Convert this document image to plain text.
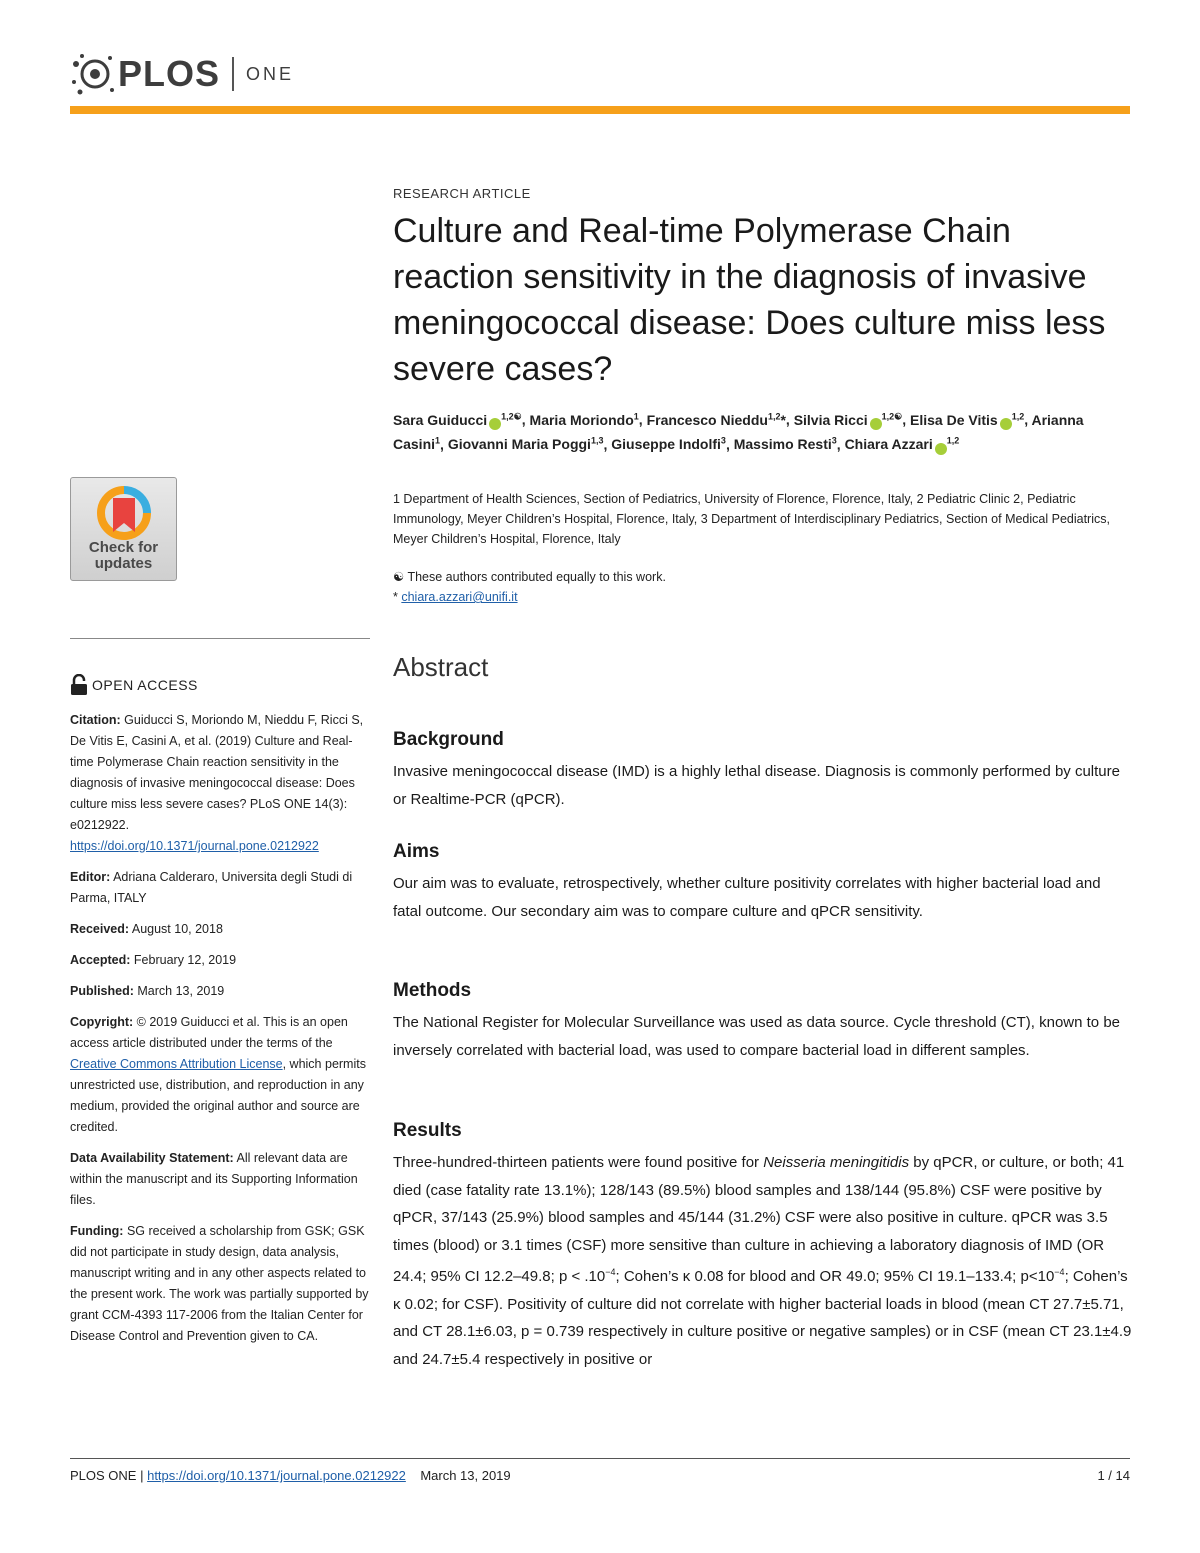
PLOS ONE
Check for updates
OPEN ACCESS

Citation: Guiducci S, Moriondo M, Nieddu F, Ricci S, De Vitis E, Casini A, et al. (2019) Culture and Real-time Polymerase Chain reaction sensitivity in the diagnosis of invasive meningococcal disease: Does culture miss less severe cases? PLoS ONE 14(3): e0212922. https://doi.org/10.1371/journal.pone.0212922

Editor: Adriana Calderaro, Universita degli Studi di Parma, ITALY

Received: August 10, 2018

Accepted: February 12, 2019

Published: March 13, 2019

Copyright: © 2019 Guiducci et al. This is an open access article distributed under the terms of the Creative Commons Attribution License, which permits unrestricted use, distribution, and reproduction in any medium, provided the original author and source are credited.

Data Availability Statement: All relevant data are within the manuscript and its Supporting Information files.

Funding: SG received a scholarship from GSK; GSK did not participate in study design, data analysis, manuscript writing and in any other aspects related to the present work. The work was partially supported by grant CCM-4393 117-2006 from the Italian Center for Disease Control and Prevention given to CA.

RESEARCH ARTICLE
Culture and Real-time Polymerase Chain reaction sensitivity in the diagnosis of invasive meningococcal disease: Does culture miss less severe cases?
Sara Guiducci $^{1,2☯}$, Maria Moriondo$^1$, Francesco Nieddu$^{1,2}$*, Silvia Ricci $^{1,2☯}$, Elisa De Vitis $^{1,2}$, Arianna Casini$^1$, Giovanni Maria Poggi$^{1,3}$, Giuseppe Indolfi$^3$, Massimo Resti$^3$, Chiara Azzari $^{1,2}$
1 Department of Health Sciences, Section of Pediatrics, University of Florence, Florence, Italy, 2 Pediatric Clinic 2, Pediatric Immunology, Meyer Children’s Hospital, Florence, Italy, 3 Department of Interdisciplinary Pediatrics, Section of Medical Pediatrics, Meyer Children’s Hospital, Florence, Italy
☯ These authors contributed equally to this work.
* chiara.azzari@unifi.it
Abstract
Background

Invasive meningococcal disease (IMD) is a highly lethal disease. Diagnosis is commonly performed by culture or Realtime-PCR (qPCR).

Aims

Our aim was to evaluate, retrospectively, whether culture positivity correlates with higher bacterial load and fatal outcome. Our secondary aim was to compare culture and qPCR sensitivity.

Methods

The National Register for Molecular Surveillance was used as data source. Cycle threshold (CT), known to be inversely correlated with bacterial load, was used to compare bacterial load in different samples.

Results

Three-hundred-thirteen patients were found positive for Neisseria meningitidis by qPCR, or culture, or both; 41 died (case fatality rate 13.1%); 128/143 (89.5%) blood samples and 138/144 (95.8%) CSF were positive by qPCR, 37/143 (25.9%) blood samples and 45/144 (31.2%) CSF were also positive in culture. qPCR was 3.5 times (blood) or 3.1 times (CSF) more sensitive than culture in achieving a laboratory diagnosis of IMD (OR 24.4; 95% CI 12.2–49.8; $p < .10^{-4}$; Cohen’s κ 0.08 for blood and OR 49.0; 95% CI 19.1–133.4; $p<10^{-4}$; Cohen’s κ 0.02; for CSF). Positivity of culture did not correlate with higher bacterial loads in blood (mean CT 27.7±5.71, and CT 28.1±6.03, p = 0.739 respectively in culture positive or negative samples) or in CSF (mean CT 23.1±4.9 and 24.7±5.4 respectively in positive or

PLOS ONE | https://doi.org/10.1371/journal.pone.0212922 March 13, 2019	1 / 14
